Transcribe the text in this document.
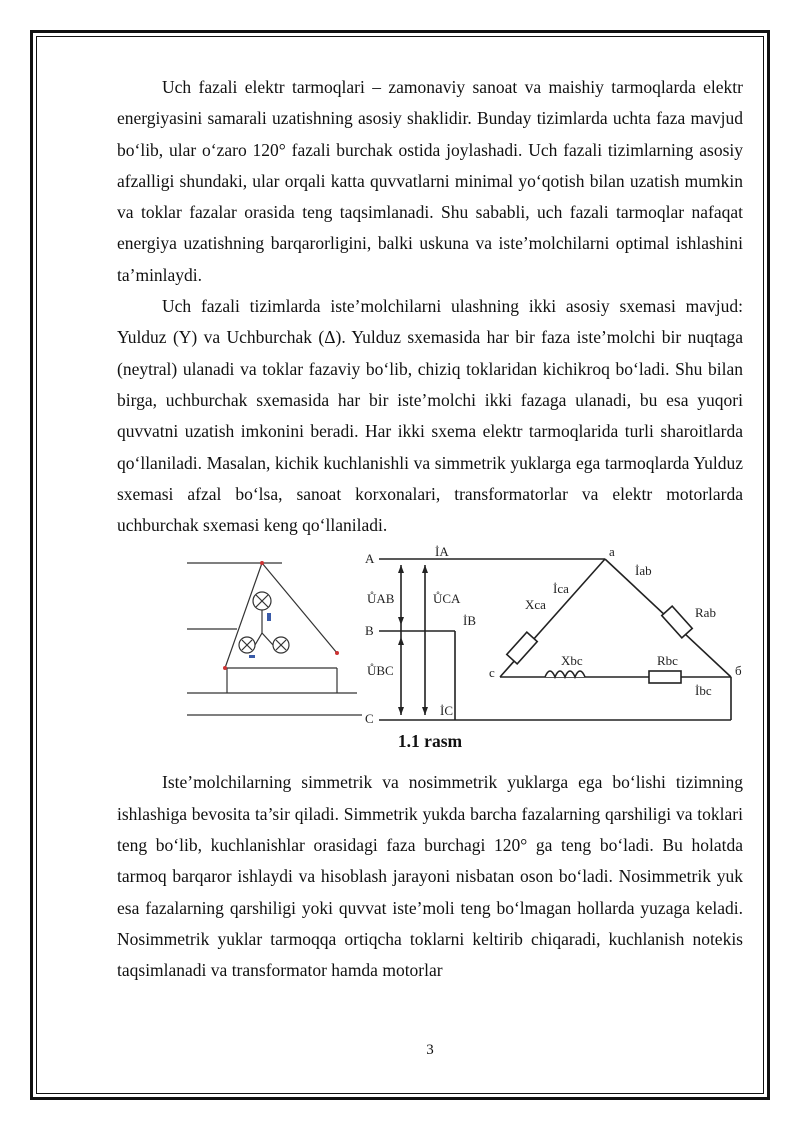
Uch fazali elektr tarmoqlari – zamonaviy sanoat va maishiy tarmoqlarda elektr energiyasini samarali uzatishning asosiy shaklidir. Bunday tizimlarda uchta faza mavjud bo‘lib, ular o‘zaro 120° fazali burchak ostida joylashadi. Uch fazali tizimlarning asosiy afzalligi shundaki, ular orqali katta quvvatlarni minimal yo‘qotish bilan uzatish mumkin va toklar fazalar orasida teng taqsimlanadi. Shu sababli, uch fazali tarmoqlar nafaqat energiya uzatishning barqarorligini, balki uskuna va iste’molchilarni optimal ishlashini ta’minlaydi.

Uch fazali tizimlarda iste’molchilarni ulashning ikki asosiy sxemasi mavjud: Yulduz (Y) va Uchburchak (Δ). Yulduz sxemasida har bir faza iste’molchi bir nuqtaga (neytral) ulanadi va toklar fazaviy bo‘lib, chiziq toklaridan kichikroq bo‘ladi. Shu bilan birga, uchburchak sxemasida har bir iste’molchi ikki fazaga ulanadi, bu esa yuqori quvvatni uzatish imkonini beradi. Har ikki sxema elektr tarmoqlarida turli sharoitlarda qo‘llaniladi. Masalan, kichik kuchlanishli va simmetrik yuklarga ega tarmoqlarda Yulduz sxemasi afzal bo‘lsa, sanoat korxonalari, transformatorlar va elektr motorlarda uchburchak sxemasi keng qo‘llaniladi.

A
B
C
İA
İB
İC
ŮAB	ŮCA
ŮBC
a
б
c
İab
İca
İbc
Xca
Xbc
Rab
Rbc
1.1 rasm

Iste’molchilarning simmetrik va nosimmetrik yuklarga ega bo‘lishi tizimning ishlashiga bevosita ta’sir qiladi. Simmetrik yukda barcha fazalarning qarshiligi va toklari teng bo‘lib, kuchlanishlar orasidagi faza burchagi 120° ga teng bo‘ladi. Bu holatda tarmoq barqaror ishlaydi va hisoblash jarayoni nisbatan oson bo‘ladi. Nosimmetrik yuk esa fazalarning qarshiligi yoki quvvat iste’moli teng bo‘lmagan hollarda yuzaga keladi. Nosimmetrik yuklar tarmoqqa ortiqcha toklarni keltirib chiqaradi, kuchlanish notekis taqsimlanadi va transformator hamda motorlar

3
